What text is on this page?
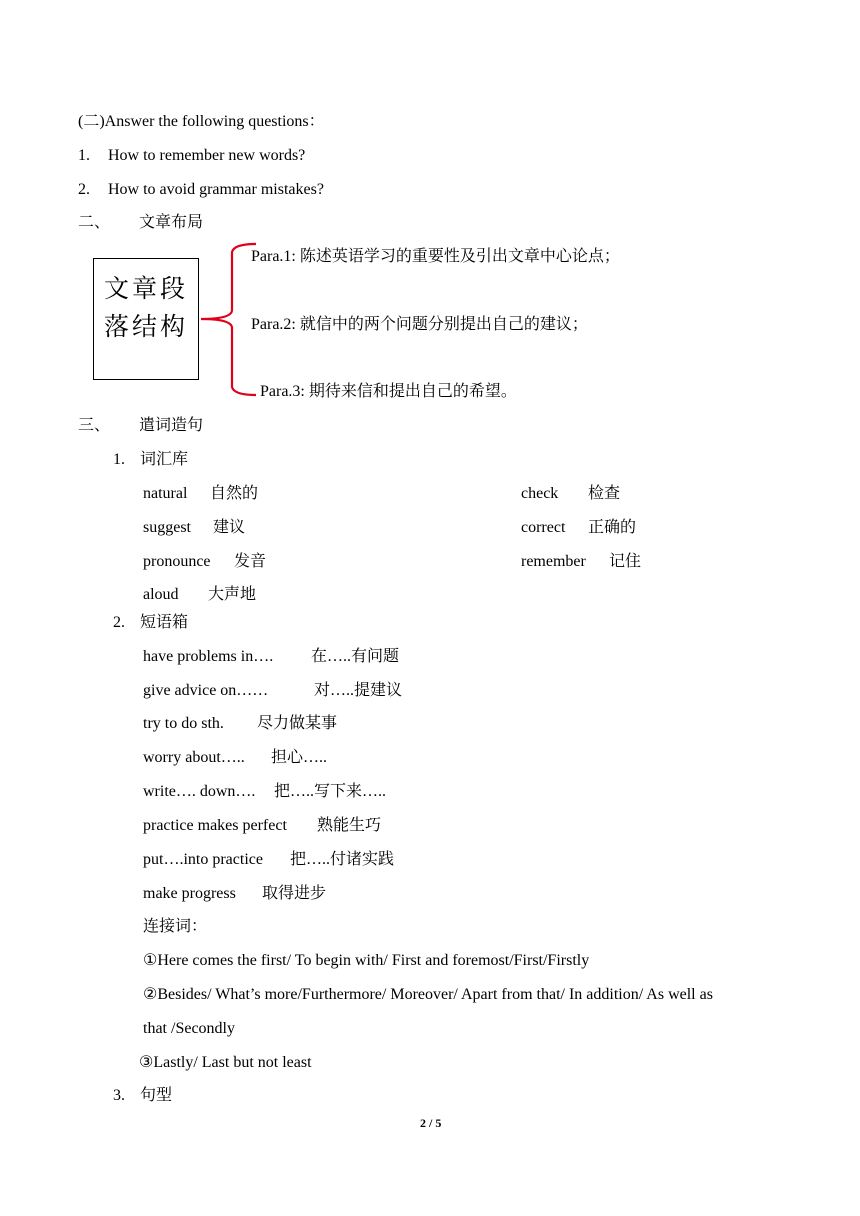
(二)Answer the following questions：
1. How to remember new words?
2. How to avoid grammar mistakes?
二、 文章布局
文章段
落结构
Para.1: 陈述英语学习的重要性及引出文章中心论点；
Para.2: 就信中的两个问题分别提出自己的建议；
Para.3: 期待来信和提出自己的希望。
三、 遣词造句
1. 词汇库
natural 自然的	check 检查
suggest 建议	correct 正确的
pronounce 发音	remember 记住
aloud 大声地
2. 短语箱
have problems in…. 在…..有问题
give advice on……	对…..提建议
try to do sth. 尽力做某事
worry about….. 担心…..
write…. down…. 把…..写下来…..
practice makes perfect 熟能生巧
put….into practice 把…..付诸实践
make progress 取得进步
连接词：
①Here comes the first/ To begin with/ First and foremost/First/Firstly
②Besides/ What’s more/Furthermore/ Moreover/ Apart from that/ In addition/ As well as
that /Secondly
③Lastly/ Last but not least
3. 句型
2 / 5
